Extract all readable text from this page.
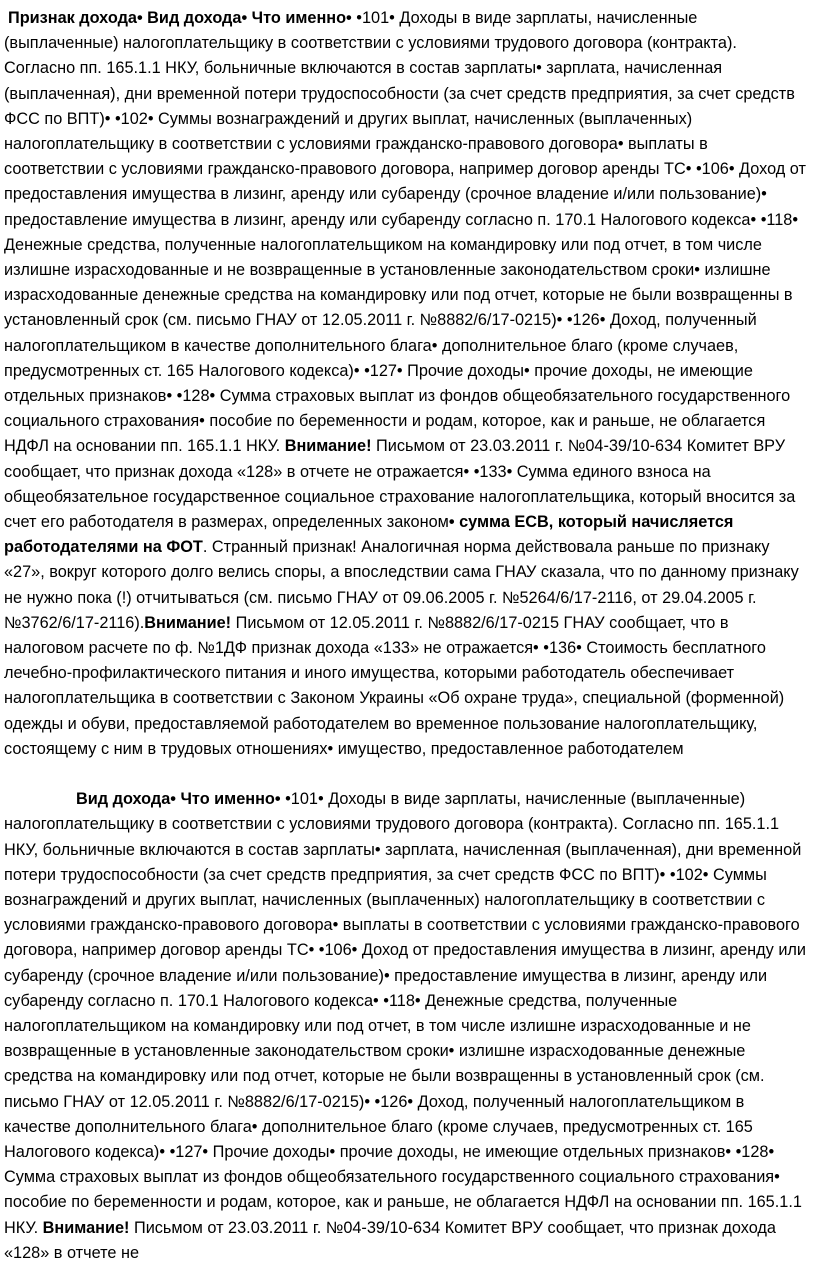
Признак дохода• Вид дохода• Что именно• •101• Доходы в виде зарплаты, начисленные (выплаченные) налогоплательщику в соответствии с условиями трудового договора (контракта). Согласно пп. 165.1.1 НКУ, больничные включаются в состав зарплаты• зарплата, начисленная (выплаченная), дни временной потери трудоспособности (за счет средств предприятия, за счет средств ФСС по ВПТ)• •102• Суммы вознаграждений и других выплат, начисленных (выплаченных) налогоплательщику в соответствии с условиями гражданско-правового договора• выплаты в соответствии с условиями гражданско-правового договора, например договор аренды ТС• •106• Доход от предоставления имущества в лизинг, аренду или субаренду (срочное владение и/или пользование)• предоставление имущества в лизинг, аренду или субаренду согласно п. 170.1 Налогового кодекса• •118• Денежные средства, полученные налогоплательщиком на командировку или под отчет, в том числе излишне израсходованные и не возвращенные в установленные законодательством сроки• излишне израсходованные денежные средства на командировку или под отчет, которые не были возвращенны в установленный срок (см. письмо ГНАУ от 12.05.2011 г. №8882/6/17-0215)• •126• Доход, полученный налогоплательщиком в качестве дополнительного блага• дополнительное благо (кроме случаев, предусмотренных ст. 165 Налогового кодекса)• •127• Прочие доходы• прочие доходы, не имеющие отдельных признаков• •128• Сумма страховых выплат из фондов общеобязательного государственного социального страхования• пособие по беременности и родам, которое, как и раньше, не облагается НДФЛ на основании пп. 165.1.1 НКУ. Внимание! Письмом от 23.03.2011 г. №04-39/10-634 Комитет ВРУ сообщает, что признак дохода «128» в отчете не отражается• •133• Сумма единого взноса на общеобязательное государственное социальное страхование налогоплательщика, который вносится за счет его работодателя в размерах, определенных законом• сумма ЕСВ, который начисляется работодателями на ФОТ. Странный признак! Аналогичная норма действовала раньше по признаку «27», вокруг которого долго велись споры, а впоследствии сама ГНАУ сказала, что по данному признаку не нужно пока (!) отчитываться (см. письмо ГНАУ от 09.06.2005 г. №5264/6/17-2116, от 29.04.2005 г. №3762/6/17-2116).Внимание! Письмом от 12.05.2011 г. №8882/6/17-0215 ГНАУ сообщает, что в налоговом расчете по ф. №1ДФ признак дохода «133» не отражается• •136• Стоимость бесплатного лечебно-профилактического питания и иного имущества, которыми работодатель обеспечивает налогоплательщика в соответствии с Законом Украины «Об охране труда», специальной (форменной) одежды и обуви, предоставляемой работодателем во временное пользование налогоплательщику, состоящему с ним в трудовых отношениях• имущество, предоставленное работодателем

Вид дохода• Что именно• •101• Доходы в виде зарплаты, начисленные (выплаченные) налогоплательщику в соответствии с условиями трудового договора (контракта). Согласно пп. 165.1.1 НКУ, больничные включаются в состав зарплаты• зарплата, начисленная (выплаченная), дни временной потери трудоспособности (за счет средств предприятия, за счет средств ФСС по ВПТ)• •102• Суммы вознаграждений и других выплат, начисленных (выплаченных) налогоплательщику в соответствии с условиями гражданско-правового договора• выплаты в соответствии с условиями гражданско-правового договора, например договор аренды ТС• •106• Доход от предоставления имущества в лизинг, аренду или субаренду (срочное владение и/или пользование)• предоставление имущества в лизинг, аренду или субаренду согласно п. 170.1 Налогового кодекса• •118• Денежные средства, полученные налогоплательщиком на командировку или под отчет, в том числе излишне израсходованные и не возвращенные в установленные законодательством сроки• излишне израсходованные денежные средства на командировку или под отчет, которые не были возвращенны в установленный срок (см. письмо ГНАУ от 12.05.2011 г. №8882/6/17-0215)• •126• Доход, полученный налогоплательщиком в качестве дополнительного блага• дополнительное благо (кроме случаев, предусмотренных ст. 165 Налогового кодекса)• •127• Прочие доходы• прочие доходы, не имеющие отдельных признаков• •128• Сумма страховых выплат из фондов общеобязательного государственного социального страхования• пособие по беременности и родам, которое, как и раньше, не облагается НДФЛ на основании пп. 165.1.1 НКУ. Внимание! Письмом от 23.03.2011 г. №04-39/10-634 Комитет ВРУ сообщает, что признак дохода «128» в отчете не
